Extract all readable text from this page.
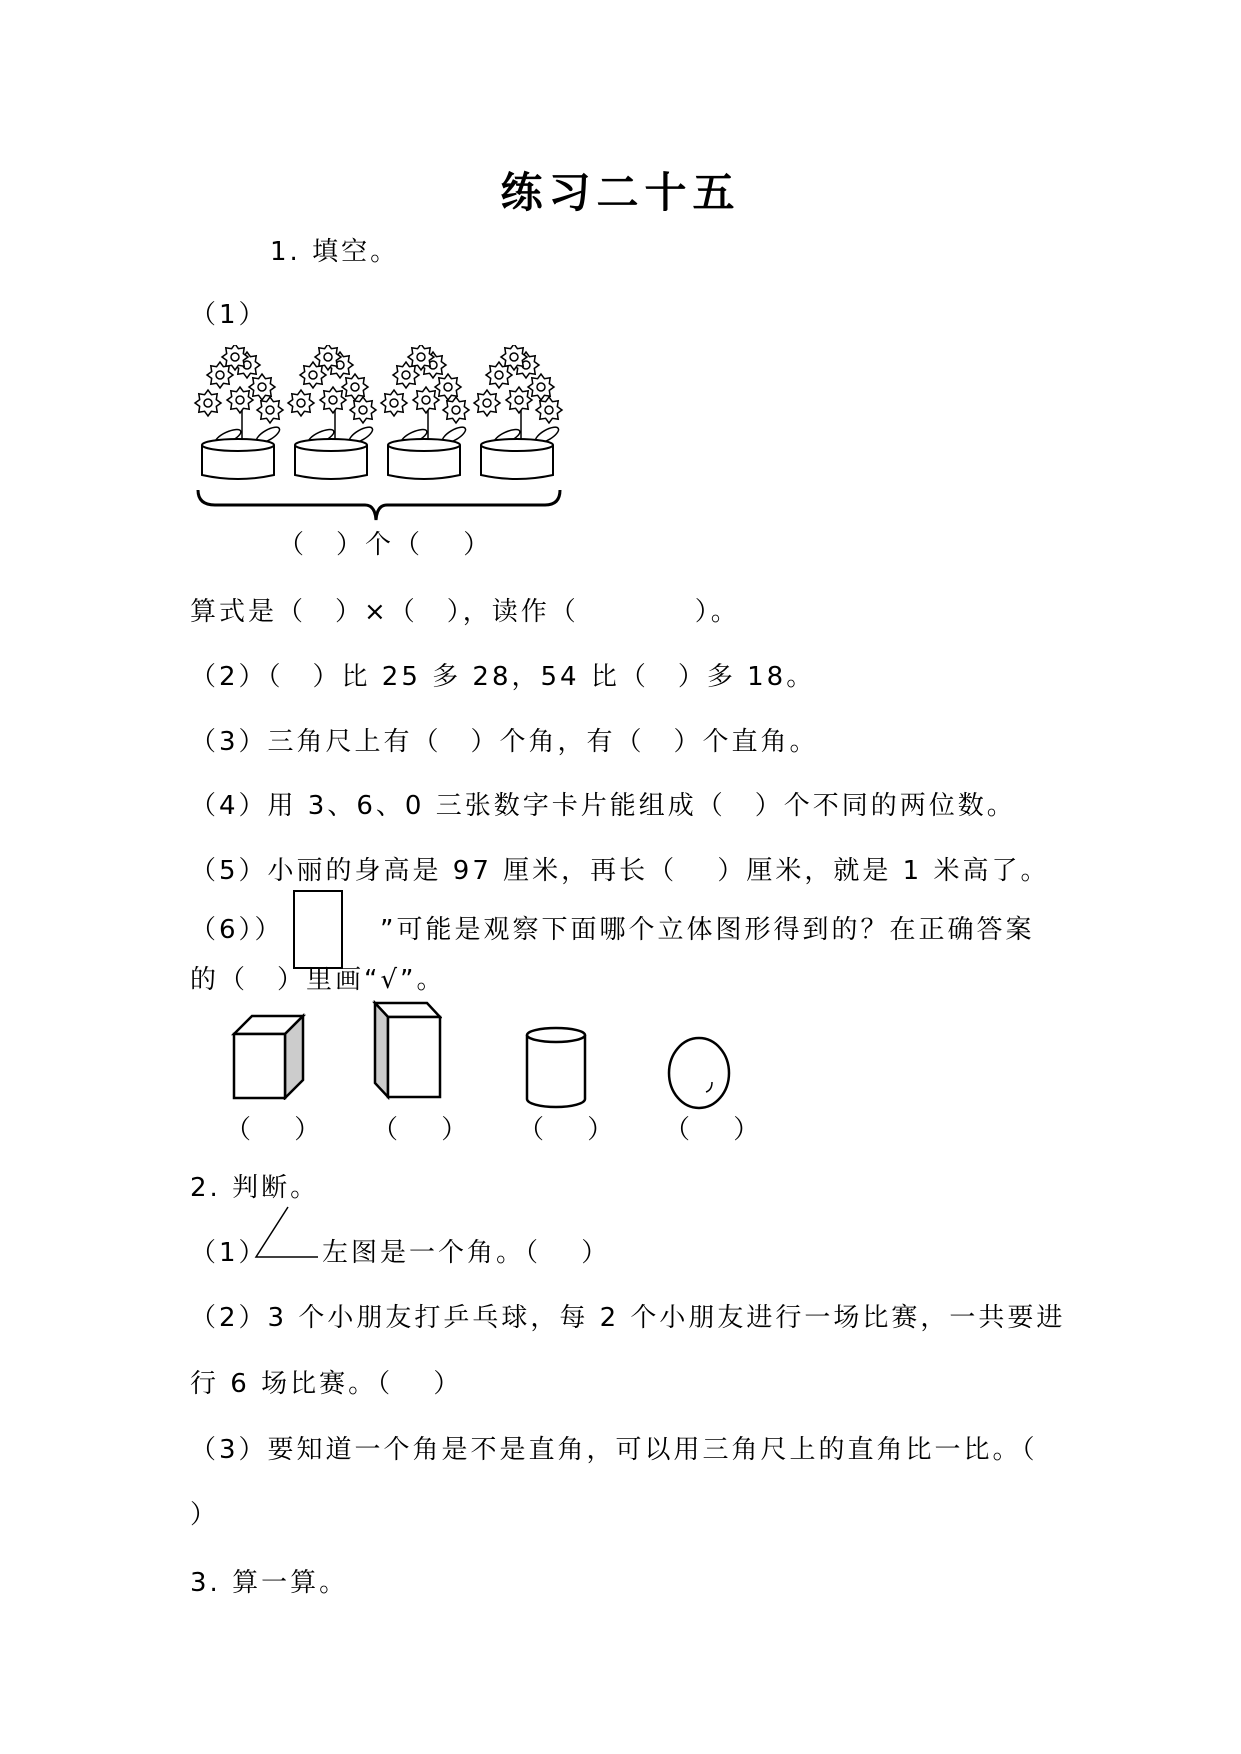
练习二十五
1. 填空。
（1）
（　）个（　 ）
算式是（　）×（　），读作（　　　　）。
（2）（　）比 25 多 28，54 比（　）多 18。
（3）三角尺上有（　）个角，有（　）个直角。
（4）用 3、6、0 三张数字卡片能组成（　）个不同的两位数。
（5）小丽的身高是 97 厘米，再长（　 ）厘米，就是 1 米高了。
（6））	”可能是观察下面哪个立体图形得到的？在正确答案
的（　）里画“√”。
（　 ） （　 ） （　 ） （　 ）
2. 判断。
（1） 左图是一个角。（　 ）
（2）3 个小朋友打乒乓球，每 2 个小朋友进行一场比赛，一共要进
行 6 场比赛。（　 ）
（3）要知道一个角是不是直角，可以用三角尺上的直角比一比。（
）
3. 算一算。
